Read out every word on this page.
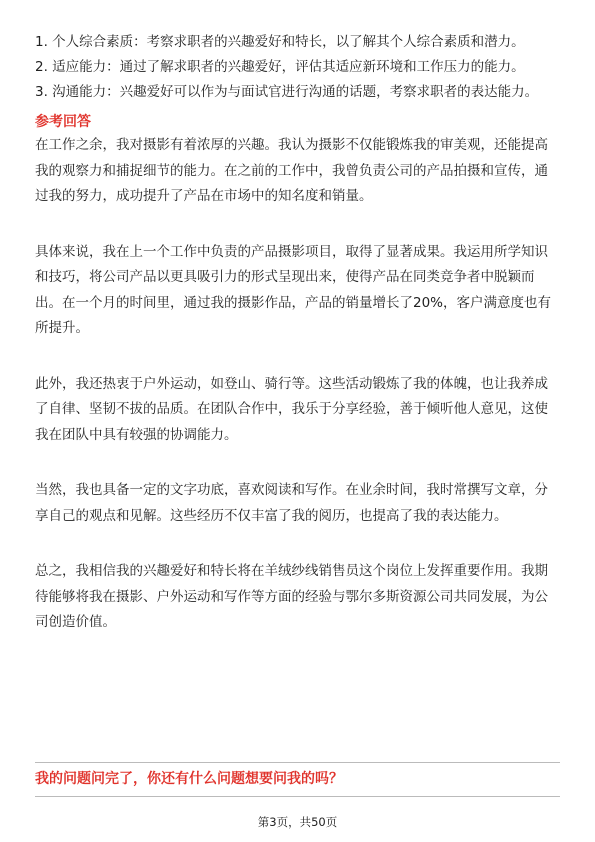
1. 个人综合素质：考察求职者的兴趣爱好和特长，以了解其个人综合素质和潜力。

2. 适应能力：通过了解求职者的兴趣爱好，评估其适应新环境和工作压力的能力。

3. 沟通能力：兴趣爱好可以作为与面试官进行沟通的话题，考察求职者的表达能力。

参考回答

在工作之余，我对摄影有着浓厚的兴趣。我认为摄影不仅能锻炼我的审美观，还能提高我的观察力和捕捉细节的能力。在之前的工作中，我曾负责公司的产品拍摄和宣传，通过我的努力，成功提升了产品在市场中的知名度和销量。

具体来说，我在上一个工作中负责的产品摄影项目，取得了显著成果。我运用所学知识和技巧，将公司产品以更具吸引力的形式呈现出来，使得产品在同类竞争者中脱颖而出。在一个月的时间里，通过我的摄影作品，产品的销量增长了20%，客户满意度也有所提升。

此外，我还热衷于户外运动，如登山、骑行等。这些活动锻炼了我的体魄，也让我养成了自律、坚韧不拔的品质。在团队合作中，我乐于分享经验，善于倾听他人意见，这使我在团队中具有较强的协调能力。

当然，我也具备一定的文字功底，喜欢阅读和写作。在业余时间，我时常撰写文章，分享自己的观点和见解。这些经历不仅丰富了我的阅历，也提高了我的表达能力。

总之，我相信我的兴趣爱好和特长将在羊绒纱线销售员这个岗位上发挥重要作用。我期待能够将我在摄影、户外运动和写作等方面的经验与鄂尔多斯资源公司共同发展，为公司创造价值。

我的问题问完了，你还有什么问题想要问我的吗？

第3页，共50页
